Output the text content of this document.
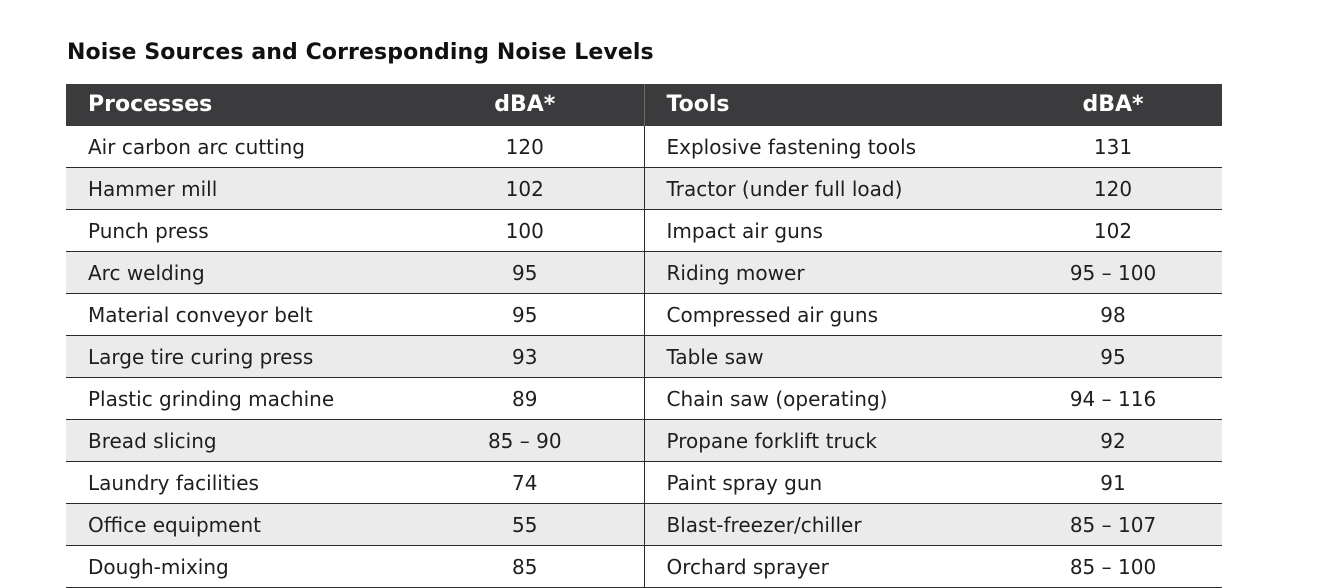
Noise Sources and Corresponding Noise Levels
Processes	dBA*	Tools	dBA*
Air carbon arc cutting	120	Explosive fastening tools	131
Hammer mill	102	Tractor (under full load)	120
Punch press	100	Impact air guns	102
Arc welding	95	Riding mower	95 – 100
Material conveyor belt	95	Compressed air guns	98
Large tire curing press	93	Table saw	95
Plastic grinding machine	89	Chain saw (operating)	94 – 116
Bread slicing	85 – 90	Propane forklift truck	92
Laundry facilities	74	Paint spray gun	91
Office equipment	55	Blast-freezer/chiller	85 – 107
Dough-mixing	85	Orchard sprayer	85 – 100
